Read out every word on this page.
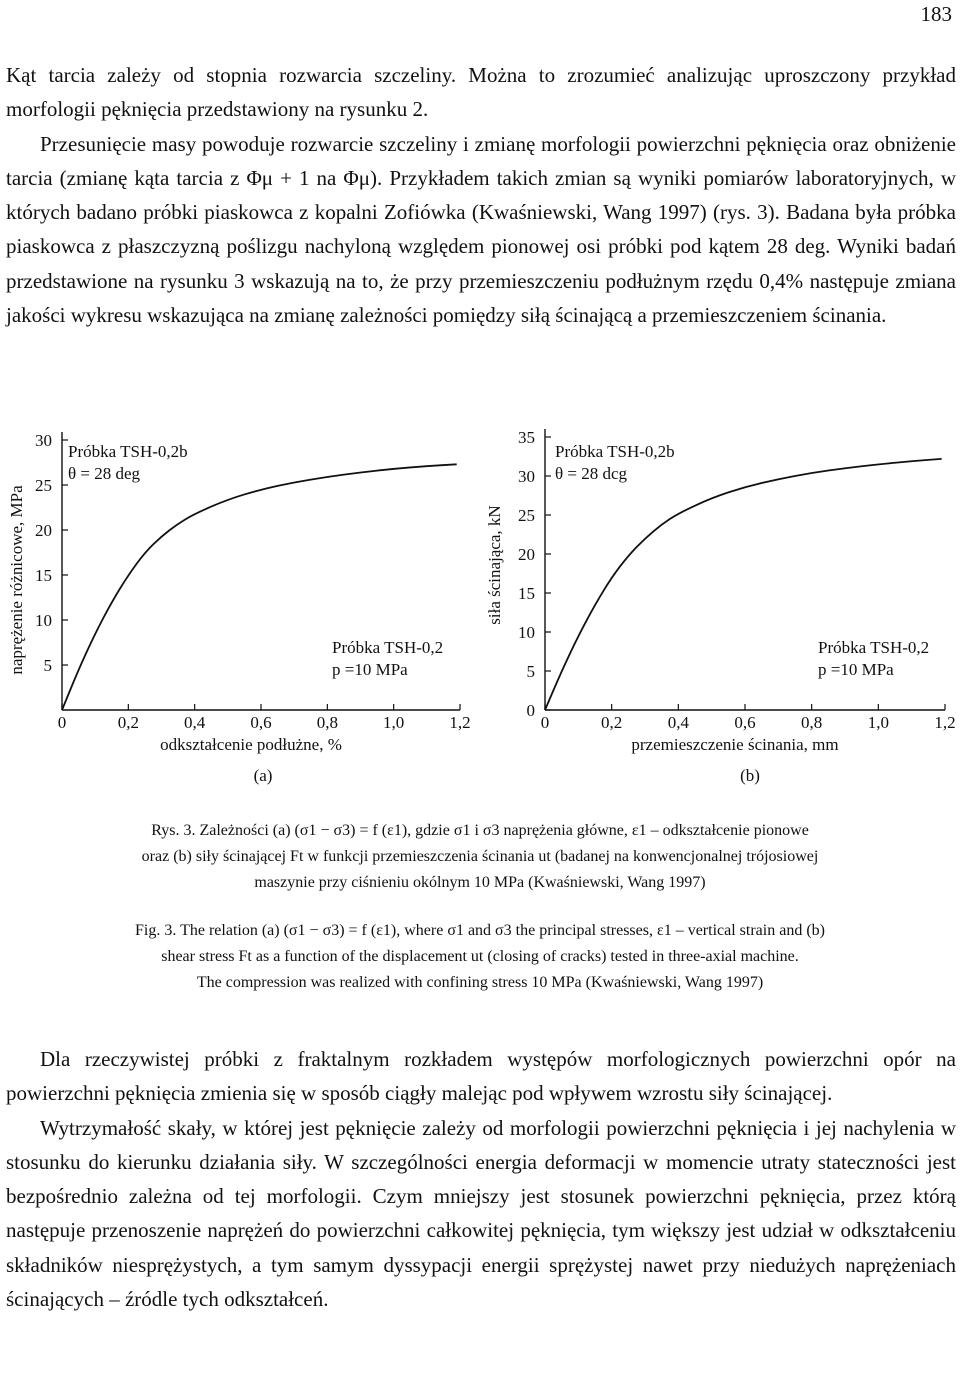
183

Kąt tarcia zależy od stopnia rozwarcia szczeliny. Można to zrozumieć analizując uproszczony przykład morfologii pęknięcia przedstawiony na rysunku 2.

Przesunięcie masy powoduje rozwarcie szczeliny i zmianę morfologii powierzchni pęknięcia oraz obniżenie tarcia (zmianę kąta tarcia z Φμ + 1 na Φμ). Przykładem takich zmian są wyniki pomiarów laboratoryjnych, w których badano próbki piaskowca z kopalni Zofiówka (Kwaśniewski, Wang 1997) (rys. 3). Badana była próbka piaskowca z płaszczyzną poślizgu nachyloną względem pionowej osi próbki pod kątem 28 deg. Wyniki badań przedstawione na rysunku 3 wskazują na to, że przy przemieszczeniu podłużnym rzędu 0,4% następuje zmiana jakości wykresu wskazująca na zmianę zależności pomiędzy siłą ścinającą a przemieszczeniem ścinania.

0	0,2	0,4	0,6	0,8	1,0	1,2
5
10
15
20
25
30
odkształcenie podłużne, %
naprężenie różnicowe, MPa
Próbka TSH-0,2b
θ = 28 deg
Próbka TSH-0,2
p =10 MPa
(a)
0	0,2	0,4	0,6	0,8	1,0	1,2
0
5
10
15
20
25
30
35
przemieszczenie ścinania, mm
siła ścinająca, kN
Próbka TSH-0,2b
θ = 28 dcg
Próbka TSH-0,2
p =10 MPa
(b)
Rys. 3. Zależności (a) (σ1 − σ3) = f (ε1), gdzie σ1 i σ3 naprężenia główne, ε1 – odkształcenie pionowe
oraz (b) siły ścinającej Ft w funkcji przemieszczenia ścinania ut (badanej na konwencjonalnej trójosiowej
maszynie przy ciśnieniu okólnym 10 MPa (Kwaśniewski, Wang 1997)
Fig. 3. The relation (a) (σ1 − σ3) = f (ε1), where σ1 and σ3 the principal stresses, ε1 – vertical strain and (b)
shear stress Ft as a function of the displacement ut (closing of cracks) tested in three-axial machine.
The compression was realized with confining stress 10 MPa (Kwaśniewski, Wang 1997)

Dla rzeczywistej próbki z fraktalnym rozkładem występów morfologicznych powierzchni opór na powierzchni pęknięcia zmienia się w sposób ciągły malejąc pod wpływem wzrostu siły ścinającej.

Wytrzymałość skały, w której jest pęknięcie zależy od morfologii powierzchni pęknięcia i jej nachylenia w stosunku do kierunku działania siły. W szczególności energia deformacji w momencie utraty stateczności jest bezpośrednio zależna od tej morfologii. Czym mniejszy jest stosunek powierzchni pęknięcia, przez którą następuje przenoszenie naprężeń do powierzchni całkowitej pęknięcia, tym większy jest udział w odkształceniu składników niesprężystych, a tym samym dyssypacji energii sprężystej nawet przy niedużych naprężeniach ścinających – źródle tych odkształceń.
